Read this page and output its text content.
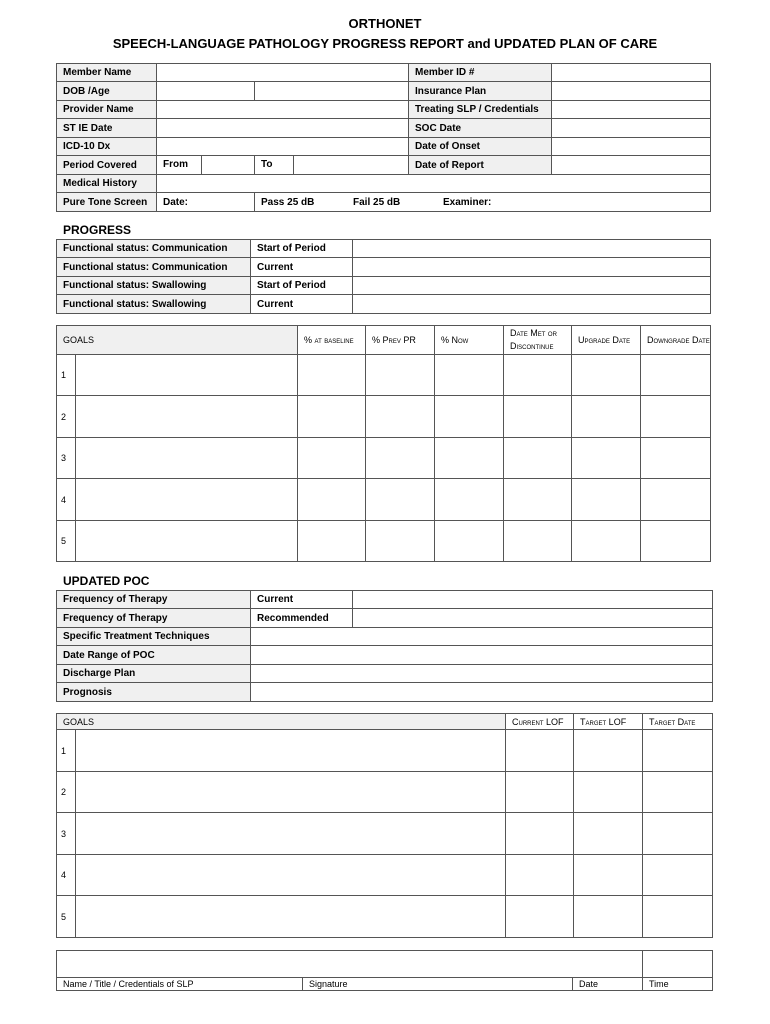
ORTHONET
SPEECH-LANGUAGE PATHOLOGY PROGRESS REPORT and UPDATED PLAN OF CARE
Member Name			Member ID #	
DOB /Age			Insurance Plan	
Provider Name			Treating SLP / Credentials	
ST IE Date			SOC Date	
ICD-10 Dx			Date of Onset	
Period Covered	From	To	Date of Report	
Medical History	
Pure Tone Screen	Date:	Pass 25 dB Fail 25 dB Examiner:		
PROGRESS
Functional status: Communication	Start of Period	
Functional status: Communication	Current	
Functional status: Swallowing	Start of Period	
Functional status: Swallowing	Current	
GOALS		% at baseline	% Prev PR	% Now	Date Met or Discontinue	Upgrade Date	Downgrade Date
1							
2							
3							
4							
5							
UPDATED POC
Frequency of Therapy	Current	
Frequency of Therapy	Recommended	
Specific Treatment Techniques	
Date Range of POC	
Discharge Plan	
Prognosis	
GOALS		Current LOF	Target LOF	Target Date
1				
2				
3				
4				
5				

Name / Title / Credentials of SLP	Signature	Date	Time
